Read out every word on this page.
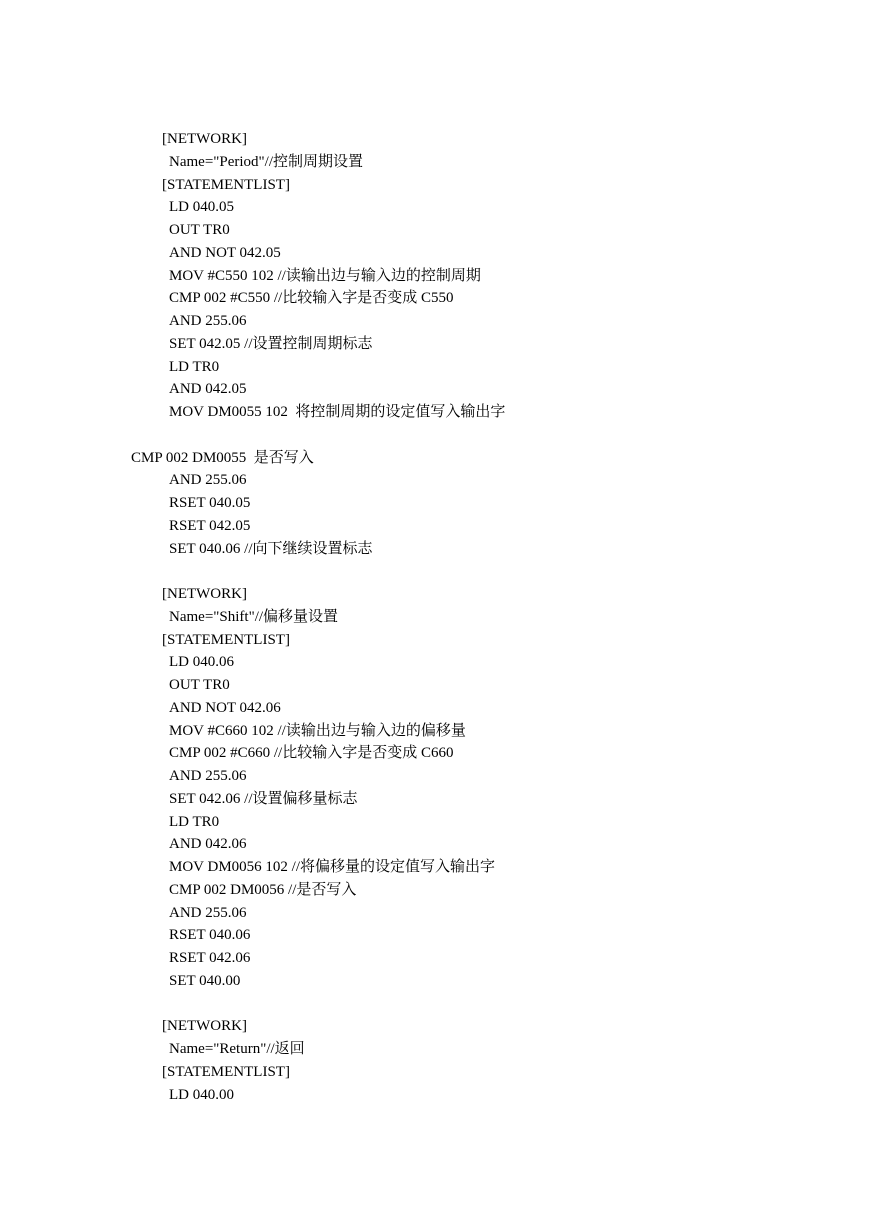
[NETWORK]
Name="Period"//控制周期设置
[STATEMENTLIST]
LD 040.05
OUT TR0
AND NOT 042.05
MOV #C550 102 //读输出边与输入边的控制周期
CMP 002 #C550 //比较输入字是否变成 C550
AND 255.06
SET 042.05 //设置控制周期标志
LD TR0
AND 042.05
MOV DM0055 102  将控制周期的设定值写入输出字
CMP 002 DM0055  是否写入
AND 255.06
RSET 040.05
RSET 042.05
SET 040.06 //向下继续设置标志
[NETWORK]
Name="Shift"//偏移量设置
[STATEMENTLIST]
LD 040.06
OUT TR0
AND NOT 042.06
MOV #C660 102 //读输出边与输入边的偏移量
CMP 002 #C660 //比较输入字是否变成 C660
AND 255.06
SET 042.06 //设置偏移量标志
LD TR0
AND 042.06
MOV DM0056 102 //将偏移量的设定值写入输出字
CMP 002 DM0056 //是否写入
AND 255.06
RSET 040.06
RSET 042.06
SET 040.00
[NETWORK]
Name="Return"//返回
[STATEMENTLIST]
LD 040.00
